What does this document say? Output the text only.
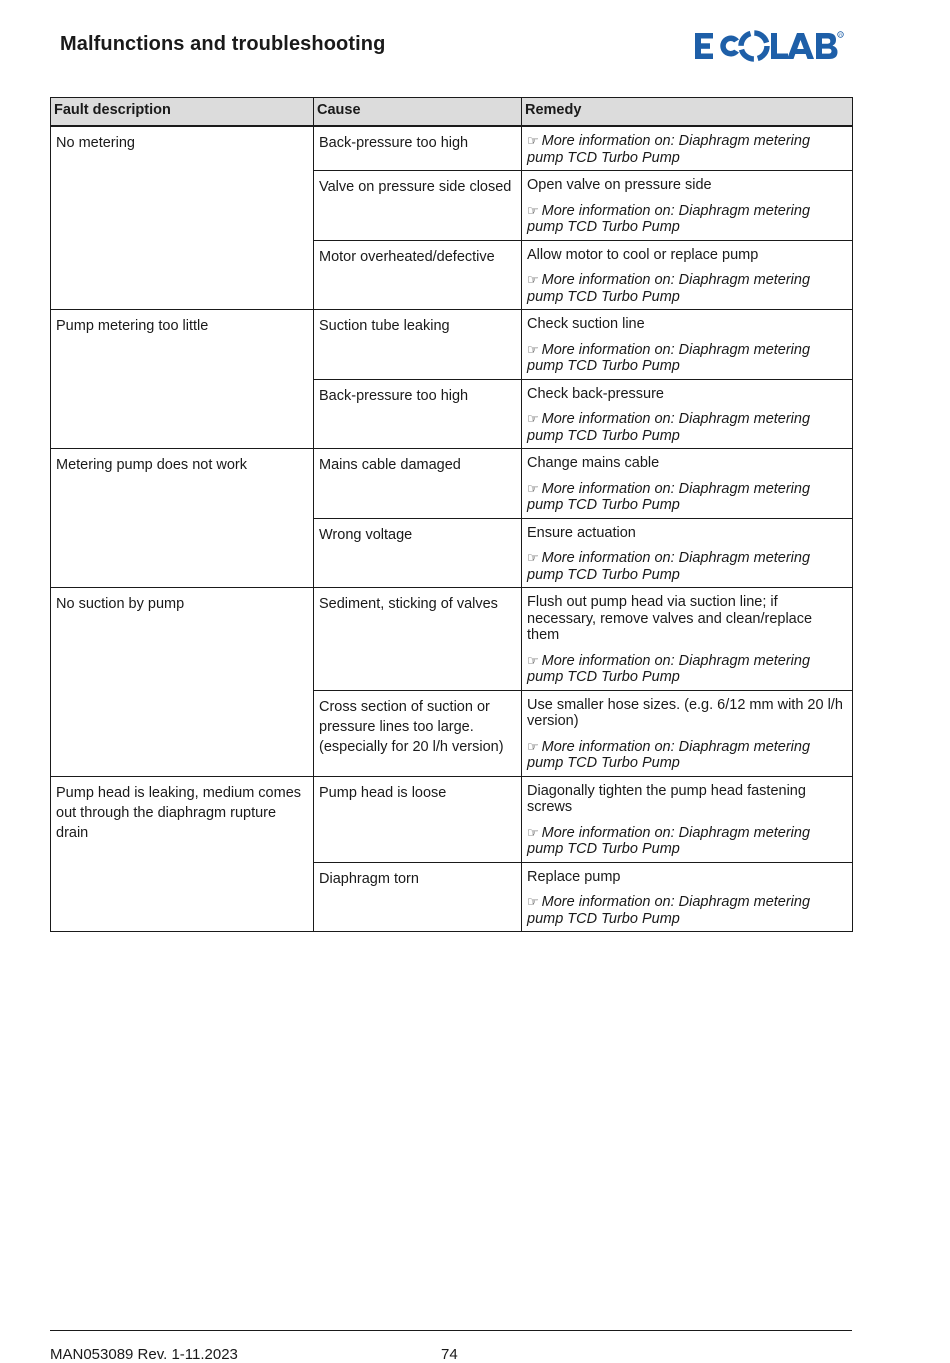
Malfunctions and troubleshooting	R
Fault description	Cause	Remedy
No metering	Back-pressure too high	☞ More information on: Diaphragm metering pump TCD Turbo Pump

	Valve on pressure side closed	Open valve on pressure side
☞ More information on: Diaphragm metering pump TCD Turbo Pump

	Motor overheated/defective	Allow motor to cool or replace pump
☞ More information on: Diaphragm metering pump TCD Turbo Pump

Pump metering too little	Suction tube leaking	Check suction line
☞ More information on: Diaphragm metering pump TCD Turbo Pump

	Back-pressure too high	Check back-pressure
☞ More information on: Diaphragm metering pump TCD Turbo Pump

Metering pump does not work	Mains cable damaged	Change mains cable
☞ More information on: Diaphragm metering pump TCD Turbo Pump

	Wrong voltage	Ensure actuation
☞ More information on: Diaphragm metering pump TCD Turbo Pump

No suction by pump	Sediment, sticking of valves	Flush out pump head via suction line; if necessary, remove valves and clean/replace them
☞ More information on: Diaphragm metering pump TCD Turbo Pump

	Cross section of suction or pressure lines too large. (especially for 20 l/h version)	Use smaller hose sizes. (e.g. 6/12 mm with 20 l/h version)
☞ More information on: Diaphragm metering pump TCD Turbo Pump

Pump head is leaking, medium comes out through the diaphragm rupture drain	Pump head is loose	Diagonally tighten the pump head fastening screws
☞ More information on: Diaphragm metering pump TCD Turbo Pump

	Diaphragm torn	Replace pump
☞ More information on: Diaphragm metering pump TCD Turbo Pump
MAN053089 Rev. 1-11.2023	74
